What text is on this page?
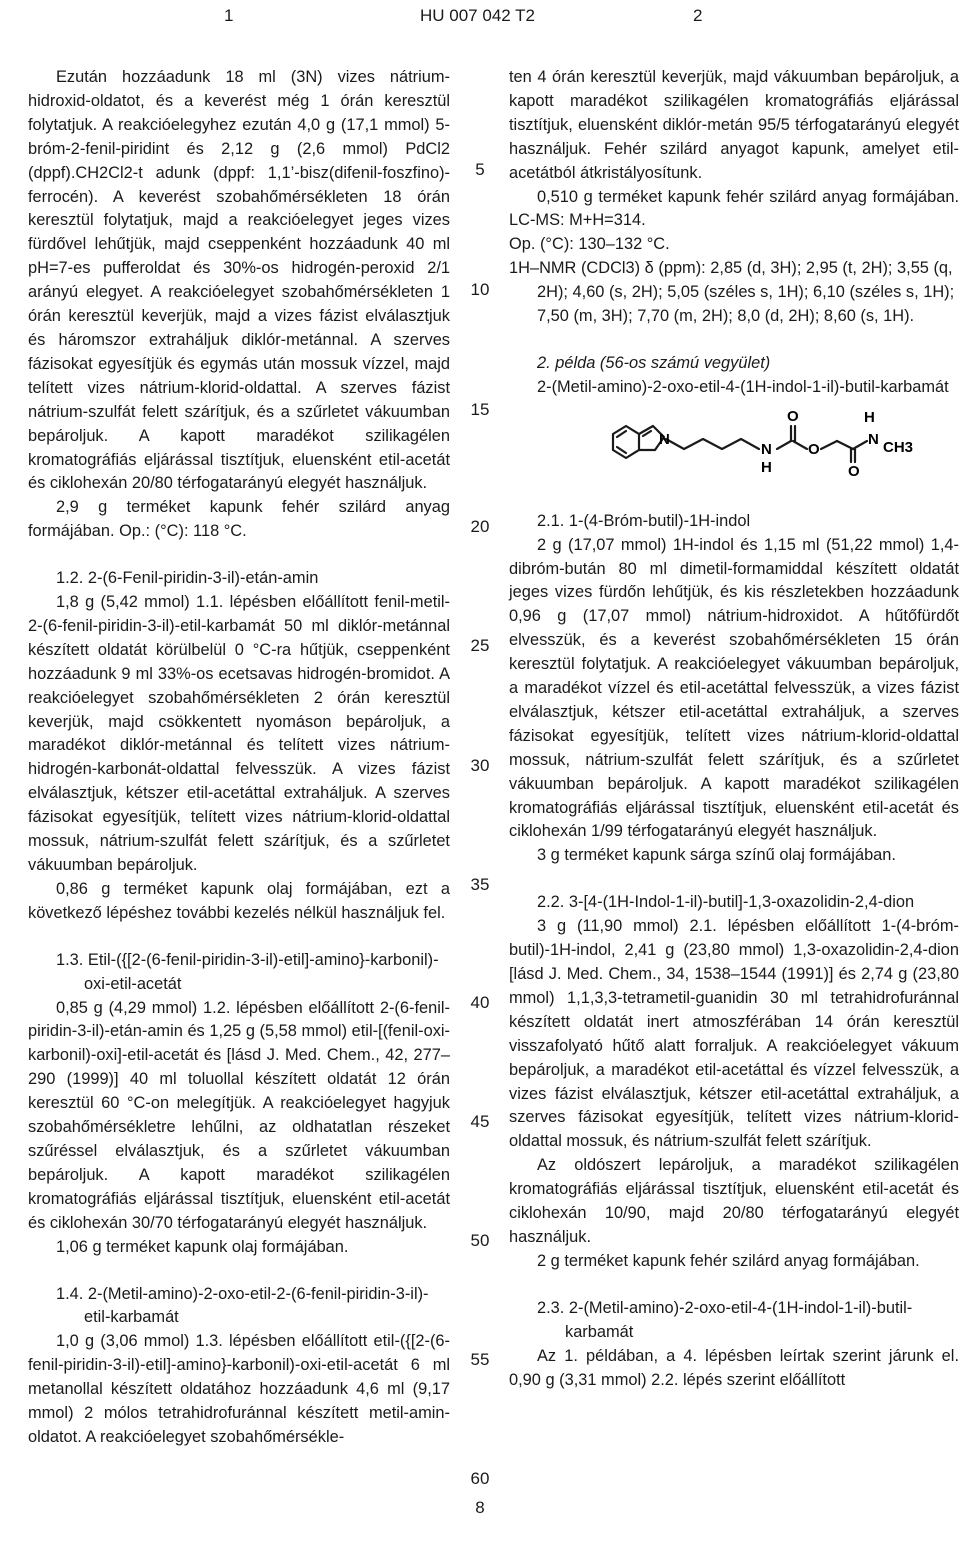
1	HU 007 042 T2	2
5
10
15
20
25
30
35
40
45
50
55
60

Ezután hozzáadunk 18 ml (3N) vizes nátrium-hidroxid-oldatot, és a keverést még 1 órán keresztül folytatjuk. A reakcióelegyhez ezután 4,0 g (17,1 mmol) 5-bróm-2-fenil-piridint és 2,12 g (2,6 mmol) PdCl2 (dppf).CH2Cl2-t adunk (dppf: 1,1’-bisz(difenil-foszfino)-ferrocén). A keverést szobahőmérsékleten 18 órán keresztül folytatjuk, majd a reakcióelegyet jeges vizes fürdővel lehűtjük, majd cseppenként hozzáadunk 40 ml pH=7-es pufferoldat és 30%-os hidrogén-peroxid 2/1 arányú elegyet. A reakcióelegyet szobahőmérsékleten 1 órán keresztül keverjük, majd a vizes fázist elválasztjuk és háromszor extraháljuk diklór-metánnal. A szerves fázisokat egyesítjük és egymás után mossuk vízzel, majd telített vizes nátrium-klorid-oldattal. A szerves fázist nátrium-szulfát felett szárítjuk, és a szűrletet vákuumban bepároljuk. A kapott maradékot szilikagélen kromatográfiás eljárással tisztítjuk, eluensként etil-acetát és ciklohexán 20/80 térfogatarányú elegyét használjuk.

2,9 g terméket kapunk fehér szilárd anyag formájában. Op.: (°C): 118 °C.

1.2. 2-(6-Fenil-piridin-3-il)-etán-amin

1,8 g (5,42 mmol) 1.1. lépésben előállított fenil-metil-2-(6-fenil-piridin-3-il)-etil-karbamát 50 ml diklór-metánnal készített oldatát körülbelül 0 °C-ra hűtjük, cseppenként hozzáadunk 9 ml 33%-os ecetsavas hidrogén-bromidot. A reakcióelegyet szobahőmérsékleten 2 órán keresztül keverjük, majd csökkentett nyomáson bepároljuk, a maradékot diklór-metánnal és telített vizes nátrium-hidrogén-karbonát-oldattal felvesszük. A vizes fázist elválasztjuk, kétszer etil-acetáttal extraháljuk. A szerves fázisokat egyesítjük, telített vizes nátrium-klorid-oldattal mossuk, nátrium-szulfát felett szárítjuk, és a szűrletet vákuumban bepároljuk.

0,86 g terméket kapunk olaj formájában, ezt a következő lépéshez további kezelés nélkül használjuk fel.

1.3. Etil-({[2-(6-fenil-piridin-3-il)-etil]-amino}-karbonil)-oxi-etil-acetát

0,85 g (4,29 mmol) 1.2. lépésben előállított 2-(6-fenil-piridin-3-il)-etán-amin és 1,25 g (5,58 mmol) etil-[(fenil-oxi-karbonil)-oxi]-etil-acetát és [lásd J. Med. Chem., 42, 277–290 (1999)] 40 ml toluollal készített oldatát 12 órán keresztül 60 °C-on melegítjük. A reakcióelegyet hagyjuk szobahőmérsékletre lehűlni, az oldhatatlan részeket szűréssel elválasztjuk, és a szűrletet vákuumban bepároljuk. A kapott maradékot szilikagélen kromatográfiás eljárással tisztítjuk, eluensként etil-acetát és ciklohexán 30/70 térfogatarányú elegyét használjuk.

1,06 g terméket kapunk olaj formájában.

1.4. 2-(Metil-amino)-2-oxo-etil-2-(6-fenil-piridin-3-il)-etil-karbamát

1,0 g (3,06 mmol) 1.3. lépésben előállított etil-({[2-(6-fenil-piridin-3-il)-etil]-amino}-karbonil)-oxi-etil-acetát 6 ml metanollal készített oldatához hozzáadunk 4,6 ml (9,17 mmol) 2 mólos tetrahidrofuránnal készített metil-amin-oldatot. A reakcióelegyet szobahőmérsékle-

ten 4 órán keresztül keverjük, majd vákuumban bepároljuk, a kapott maradékot szilikagélen kromatográfiás eljárással tisztítjuk, eluensként diklór-metán 95/5 térfogatarányú elegyét használjuk. Fehér szilárd anyagot kapunk, amelyet etil-acetátból átkristályosítunk.

0,510 g terméket kapunk fehér szilárd anyag formájában. LC-MS: M+H=314.

Op. (°C): 130–132 °C.

1H–NMR (CDCl3) δ (ppm): 2,85 (d, 3H); 2,95 (t, 2H); 3,55 (q, 2H); 4,60 (s, 2H); 5,05 (széles s, 1H); 6,10 (széles s, 1H); 7,50 (m, 3H); 7,70 (m, 2H); 8,0 (d, 2H); 8,60 (s, 1H).

2. példa (56-os számú vegyület)

2-(Metil-amino)-2-oxo-etil-4-(1H-indol-1-il)-butil-karbamát

N
N
H
O
O
O
H
N CH3

2.1. 1-(4-Bróm-butil)-1H-indol

2 g (17,07 mmol) 1H-indol és 1,15 ml (51,22 mmol) 1,4-dibróm-bután 80 ml dimetil-formamiddal készített oldatát jeges vizes fürdőn lehűtjük, és kis részletekben hozzáadunk 0,96 g (17,07 mmol) nátrium-hidroxidot. A hűtőfürdőt elvesszük, és a keverést szobahőmérsékleten 15 órán keresztül folytatjuk. A reakcióelegyet vákuumban bepároljuk, a maradékot vízzel és etil-acetáttal felvesszük, a vizes fázist elválasztjuk, kétszer etil-acetáttal extraháljuk, a szerves fázisokat egyesítjük, telített vizes nátrium-klorid-oldattal mossuk, nátrium-szulfát felett szárítjuk, és a szűrletet vákuumban bepároljuk. A kapott maradékot szilikagélen kromatográfiás eljárással tisztítjuk, eluensként etil-acetát és ciklohexán 1/99 térfogatarányú elegyét használjuk.

3 g terméket kapunk sárga színű olaj formájában.

2.2. 3-[4-(1H-Indol-1-il)-butil]-1,3-oxazolidin-2,4-dion

3 g (11,90 mmol) 2.1. lépésben előállított 1-(4-bróm-butil)-1H-indol, 2,41 g (23,80 mmol) 1,3-oxazolidin-2,4-dion [lásd J. Med. Chem., 34, 1538–1544 (1991)] és 2,74 g (23,80 mmol) 1,1,3,3-tetrametil-guanidin 30 ml tetrahidrofuránnal készített oldatát inert atmoszférában 14 órán keresztül visszafolyató hűtő alatt forraljuk. A reakcióelegyet vákuum bepároljuk, a maradékot etil-acetáttal és vízzel felvesszük, a vizes fázist elválasztjuk, kétszer etil-acetáttal extraháljuk, a szerves fázisokat egyesítjük, telített vizes nátrium-klorid-oldattal mossuk, és nátrium-szulfát felett szárítjuk.

Az oldószert lepároljuk, a maradékot szilikagélen kromatográfiás eljárással tisztítjuk, eluensként etil-acetát és ciklohexán 10/90, majd 20/80 térfogatarányú elegyét használjuk.

2 g terméket kapunk fehér szilárd anyag formájában.

2.3. 2-(Metil-amino)-2-oxo-etil-4-(1H-indol-1-il)-butil-karbamát

Az 1. példában, a 4. lépésben leírtak szerint járunk el. 0,90 g (3,31 mmol) 2.2. lépés szerint előállított

8
